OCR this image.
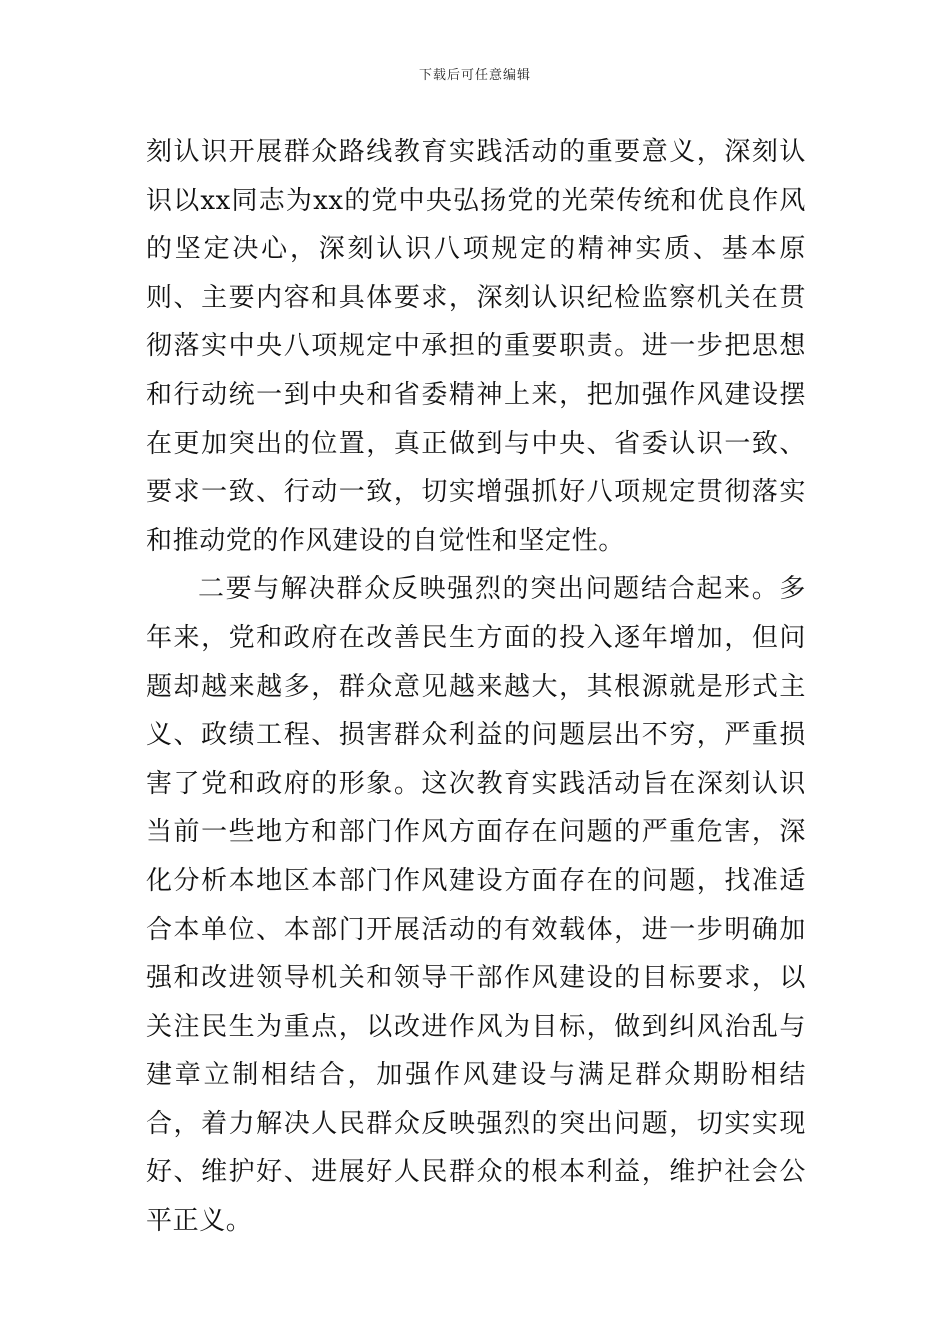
下载后可任意编辑

刻认识开展群众路线教育实践活动的重要意义，深刻认识以xx同志为xx的党中央弘扬党的光荣传统和优良作风的坚定决心，深刻认识八项规定的精神实质、基本原则、主要内容和具体要求，深刻认识纪检监察机关在贯彻落实中央八项规定中承担的重要职责。进一步把思想和行动统一到中央和省委精神上来，把加强作风建设摆在更加突出的位置，真正做到与中央、省委认识一致、要求一致、行动一致，切实增强抓好八项规定贯彻落实和推动党的作风建设的自觉性和坚定性。

二要与解决群众反映强烈的突出问题结合起来。多年来，党和政府在改善民生方面的投入逐年增加，但问题却越来越多，群众意见越来越大，其根源就是形式主义、政绩工程、损害群众利益的问题层出不穷，严重损害了党和政府的形象。这次教育实践活动旨在深刻认识当前一些地方和部门作风方面存在问题的严重危害，深化分析本地区本部门作风建设方面存在的问题，找准适合本单位、本部门开展活动的有效载体，进一步明确加强和改进领导机关和领导干部作风建设的目标要求，以关注民生为重点，以改进作风为目标，做到纠风治乱与建章立制相结合，加强作风建设与满足群众期盼相结合，着力解决人民群众反映强烈的突出问题，切实实现好、维护好、进展好人民群众的根本利益，维护社会公平正义。
